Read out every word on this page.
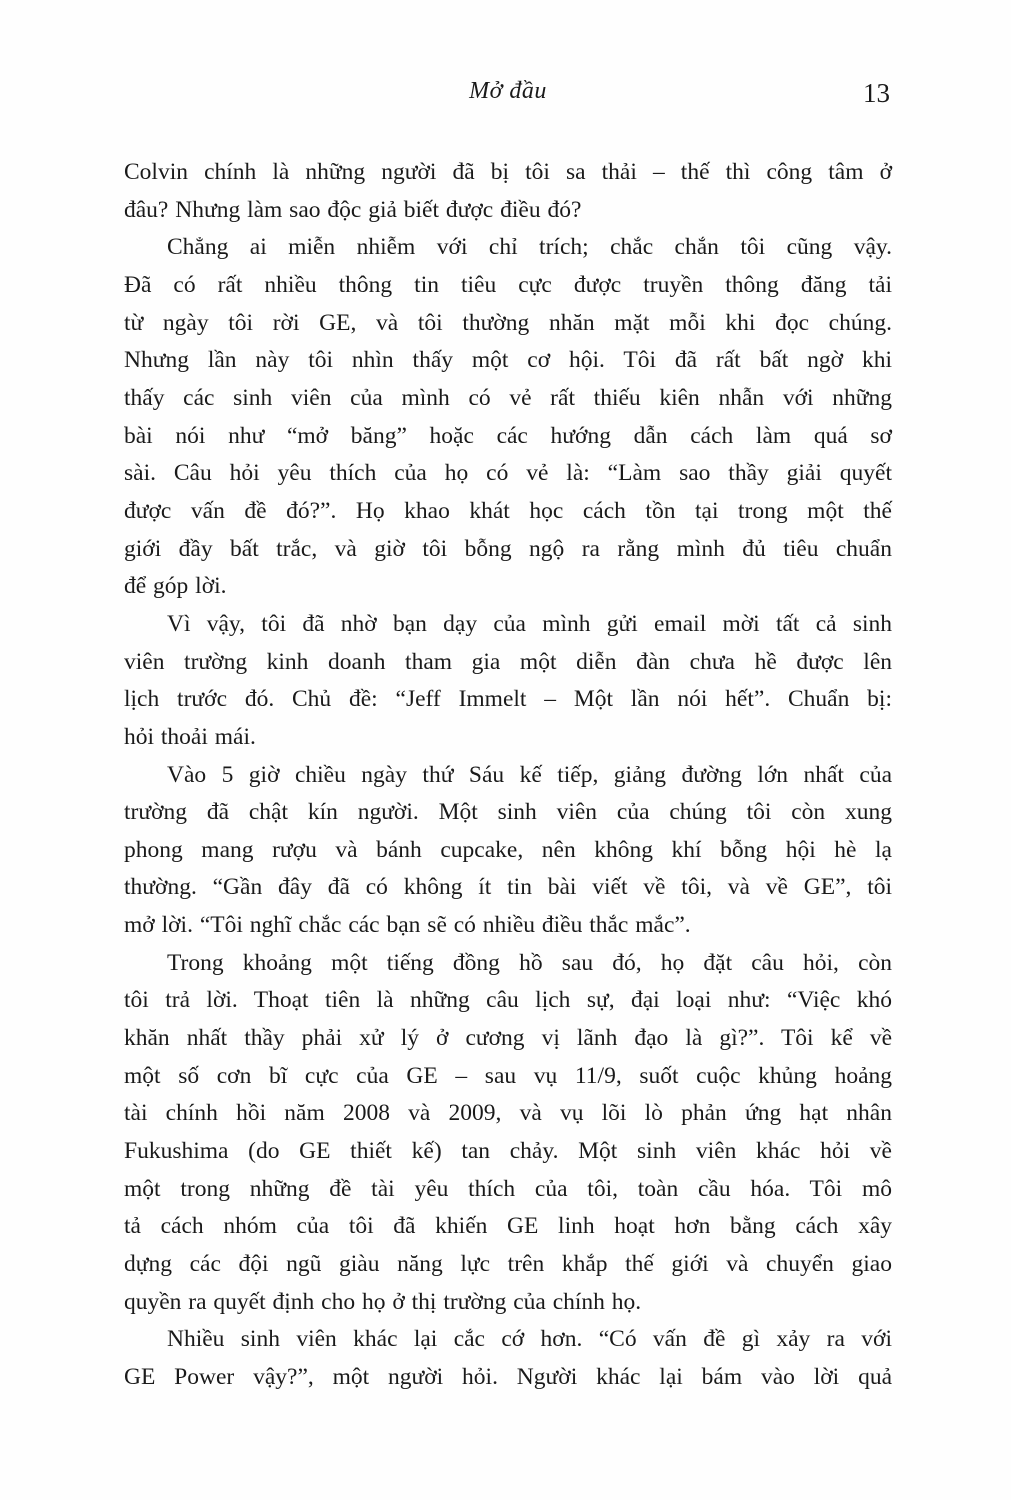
Mở đầu	13
Colvin chính là những người đã bị tôi sa thải – thế thì công tâm ở
đâu? Nhưng làm sao độc giả biết được điều đó?
Chẳng ai miễn nhiễm với chỉ trích; chắc chắn tôi cũng vậy.
Đã có rất nhiều thông tin tiêu cực được truyền thông đăng tải
từ ngày tôi rời GE, và tôi thường nhăn mặt mỗi khi đọc chúng.
Nhưng lần này tôi nhìn thấy một cơ hội. Tôi đã rất bất ngờ khi
thấy các sinh viên của mình có vẻ rất thiếu kiên nhẫn với những
bài nói như “mở băng” hoặc các hướng dẫn cách làm quá sơ
sài. Câu hỏi yêu thích của họ có vẻ là: “Làm sao thầy giải quyết
được vấn đề đó?”. Họ khao khát học cách tồn tại trong một thế
giới đầy bất trắc, và giờ tôi bỗng ngộ ra rằng mình đủ tiêu chuẩn
để góp lời.
Vì vậy, tôi đã nhờ bạn dạy của mình gửi email mời tất cả sinh
viên trường kinh doanh tham gia một diễn đàn chưa hề được lên
lịch trước đó. Chủ đề: “Jeff Immelt – Một lần nói hết”. Chuẩn bị:
hỏi thoải mái.
Vào 5 giờ chiều ngày thứ Sáu kế tiếp, giảng đường lớn nhất của
trường đã chật kín người. Một sinh viên của chúng tôi còn xung
phong mang rượu và bánh cupcake, nên không khí bỗng hội hè lạ
thường. “Gần đây đã có không ít tin bài viết về tôi, và về GE”, tôi
mở lời. “Tôi nghĩ chắc các bạn sẽ có nhiều điều thắc mắc”.
Trong khoảng một tiếng đồng hồ sau đó, họ đặt câu hỏi, còn
tôi trả lời. Thoạt tiên là những câu lịch sự, đại loại như: “Việc khó
khăn nhất thầy phải xử lý ở cương vị lãnh đạo là gì?”. Tôi kể về
một số cơn bĩ cực của GE – sau vụ 11/9, suốt cuộc khủng hoảng
tài chính hồi năm 2008 và 2009, và vụ lõi lò phản ứng hạt nhân
Fukushima (do GE thiết kế) tan chảy. Một sinh viên khác hỏi về
một trong những đề tài yêu thích của tôi, toàn cầu hóa. Tôi mô
tả cách nhóm của tôi đã khiến GE linh hoạt hơn bằng cách xây
dựng các đội ngũ giàu năng lực trên khắp thế giới và chuyển giao
quyền ra quyết định cho họ ở thị trường của chính họ.
Nhiều sinh viên khác lại cắc cớ hơn. “Có vấn đề gì xảy ra với
GE Power vậy?”, một người hỏi. Người khác lại bám vào lời quả
